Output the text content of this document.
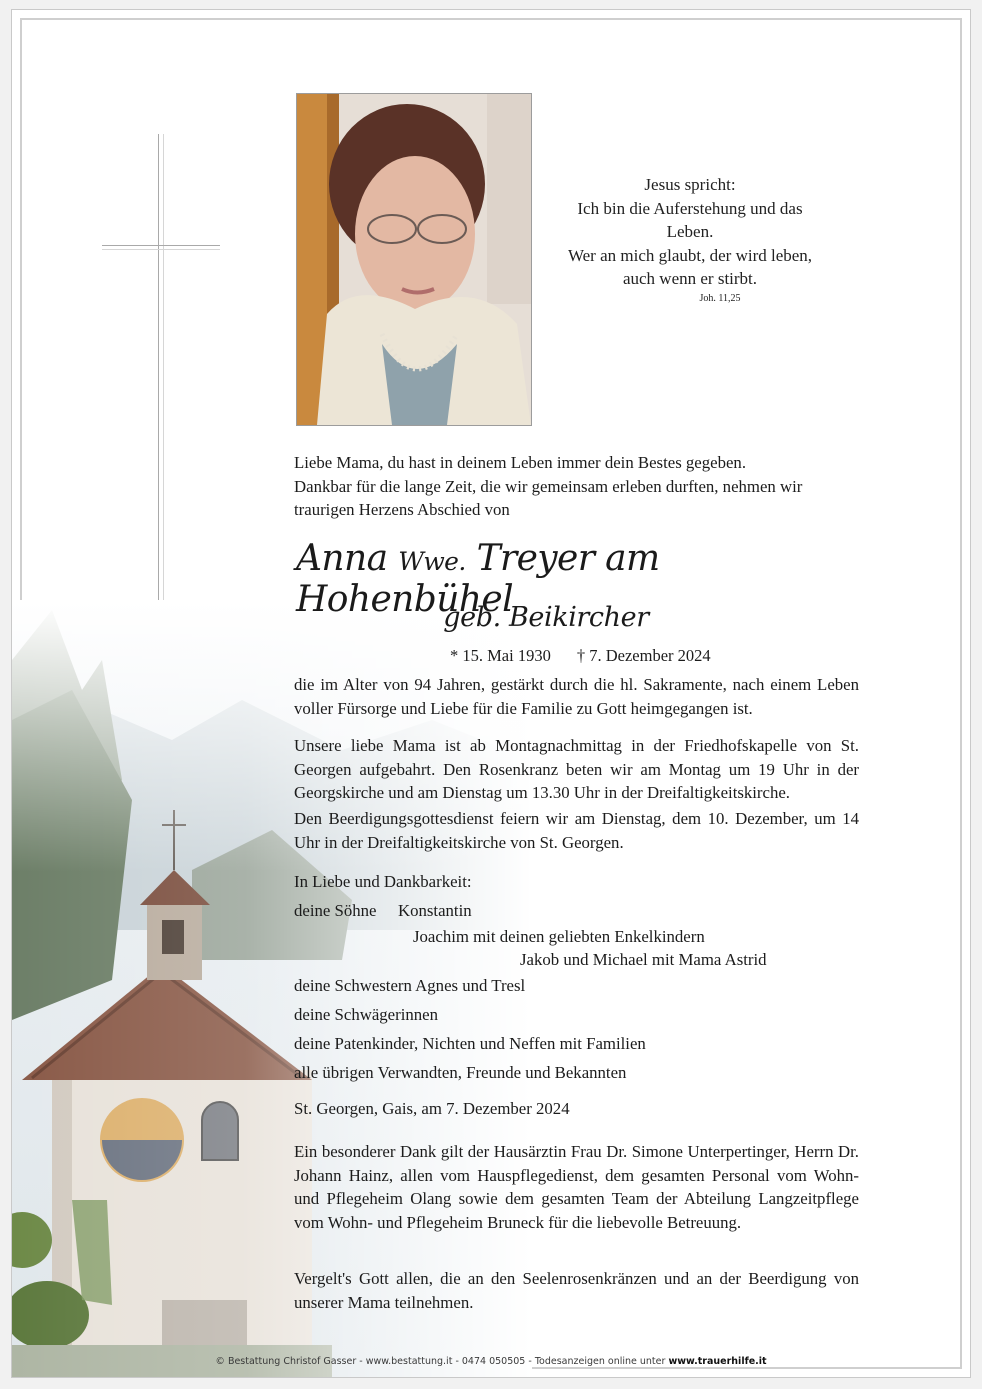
Jesus spricht:
Ich bin die Auferstehung und das Leben.
Wer an mich glaubt, der wird leben,
auch wenn er stirbt.
Joh. 11,25
Liebe Mama, du hast in deinem Leben immer dein Bestes gegeben.
Dankbar für die lange Zeit, die wir gemeinsam erleben durften, nehmen wir traurigen Herzens Abschied von
Anna Wwe. Treyer am Hohenbühel
geb. Beikircher
* 15. Mai 1930 † 7. Dezember 2024
die im Alter von 94 Jahren, gestärkt durch die hl. Sakramente, nach einem Leben voller Fürsorge und Liebe für die Familie zu Gott heimgegangen ist.
Unsere liebe Mama ist ab Montagnachmittag in der Friedhofskapelle von St. Georgen aufgebahrt. Den Rosenkranz beten wir am Montag um 19 Uhr in der Georgskirche und am Dienstag um 13.30 Uhr in der Dreifaltigkeitskirche.
Den Beerdigungsgottesdienst feiern wir am Dienstag, dem 10. Dezember, um 14 Uhr in der Dreifaltigkeitskirche von St. Georgen.
In Liebe und Dankbarkeit:
deine Söhne Konstantin
Joachim mit deinen geliebten Enkelkindern
Jakob und Michael mit Mama Astrid
deine Schwestern Agnes und Tresl
deine Schwägerinnen
deine Patenkinder, Nichten und Neffen mit Familien
alle übrigen Verwandten, Freunde und Bekannten
St. Georgen, Gais, am 7. Dezember 2024
Ein besonderer Dank gilt der Hausärztin Frau Dr. Simone Unterpertinger, Herrn Dr. Johann Hainz, allen vom Hauspflegedienst, dem gesamten Personal vom Wohn- und Pflegeheim Olang sowie dem gesamten Team der Abteilung Langzeitpflege vom Wohn- und Pflegeheim Bruneck für die liebevolle Betreuung.
Vergelt's Gott allen, die an den Seelenrosenkränzen und an der Beerdigung von unserer Mama teilnehmen.
© Bestattung Christof Gasser - www.bestattung.it - 0474 050505 - Todesanzeigen online unter www.trauerhilfe.it
